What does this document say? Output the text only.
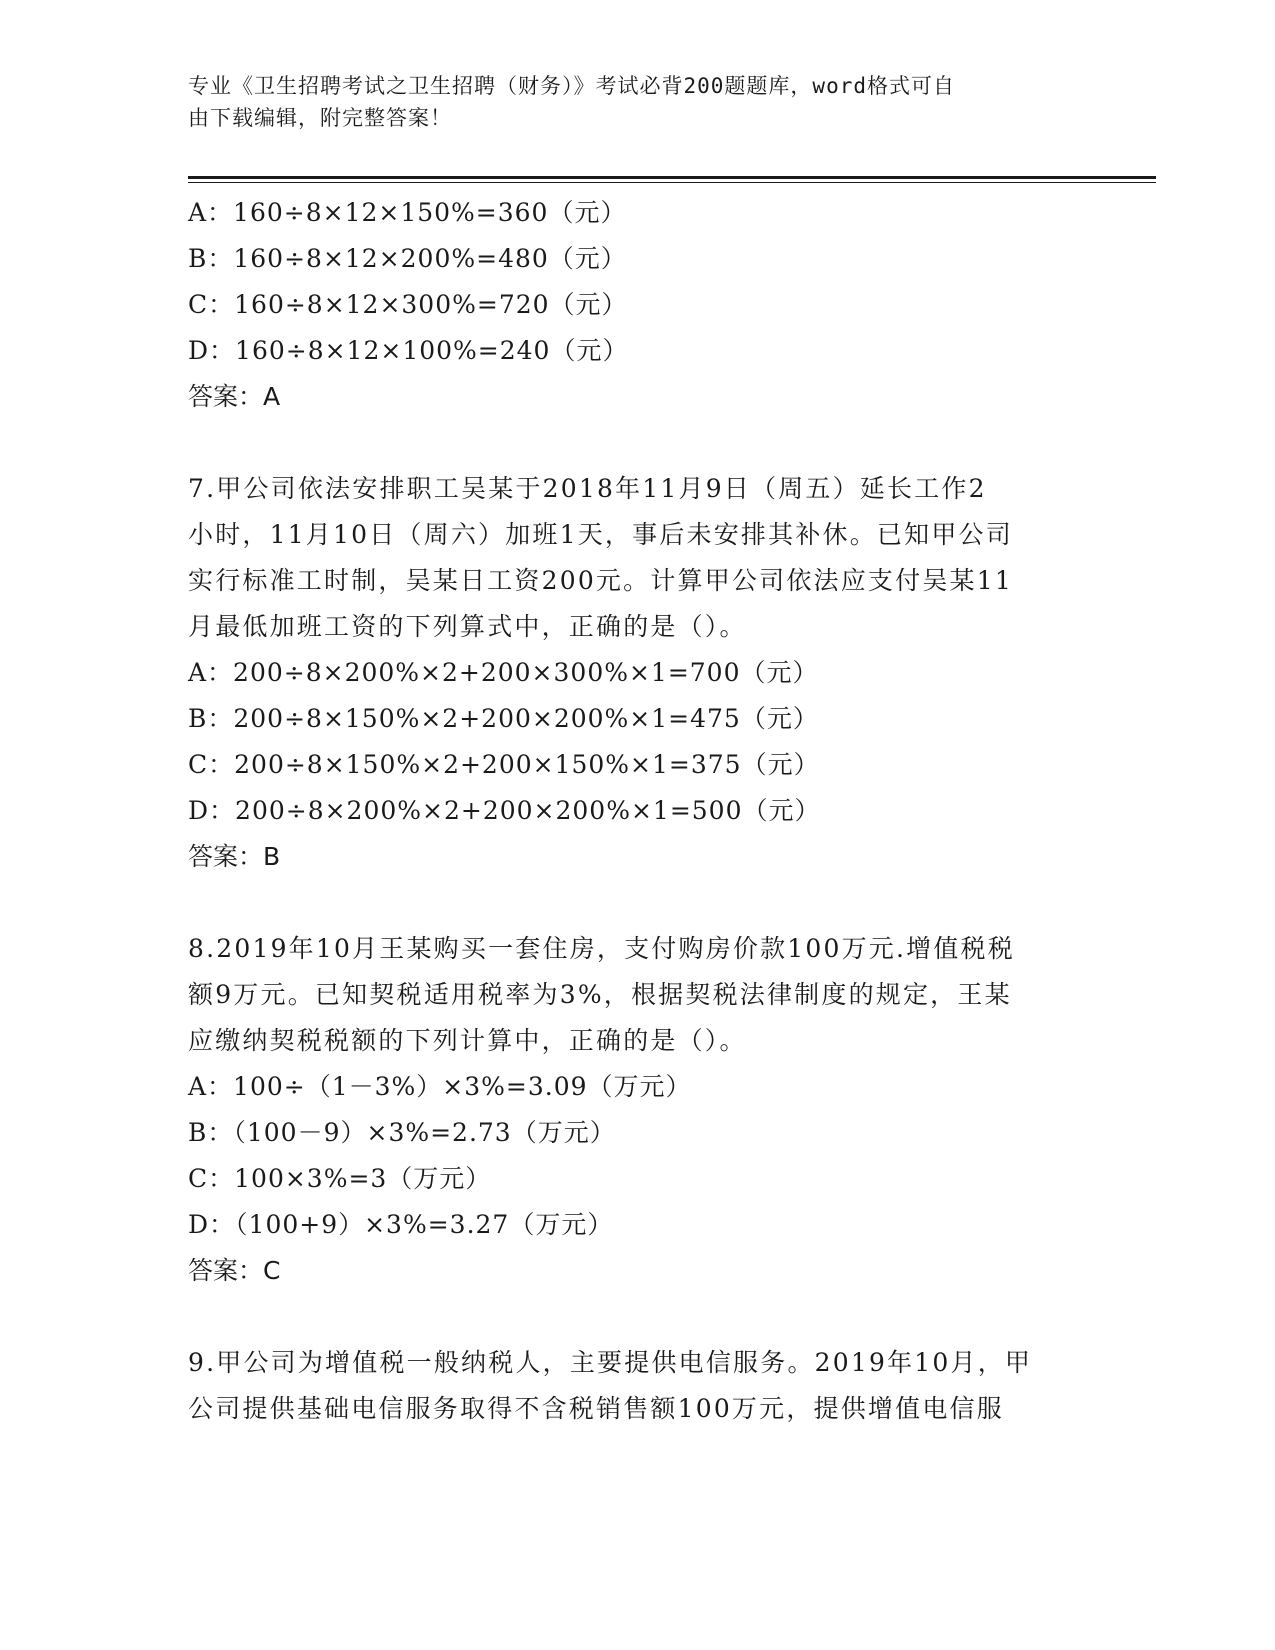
专业《卫生招聘考试之卫生招聘（财务）》考试必背200题题库，word格式可自
由下载编辑，附完整答案！
A：160÷8×12×150%=360（元）
B：160÷8×12×200%=480（元）
C：160÷8×12×300%=720（元）
D：160÷8×12×100%=240（元）
答案：A
7.甲公司依法安排职工吴某于2018年11月9日（周五）延长工作2
小时，11月10日（周六）加班1天，事后未安排其补休。已知甲公司
实行标准工时制，吴某日工资200元。计算甲公司依法应支付吴某11
月最低加班工资的下列算式中，正确的是（）。
A：200÷8×200%×2+200×300%×1=700（元）
B：200÷8×150%×2+200×200%×1=475（元）
C：200÷8×150%×2+200×150%×1=375（元）
D：200÷8×200%×2+200×200%×1=500（元）
答案：B
8.2019年10月王某购买一套住房，支付购房价款100万元.增值税税
额9万元。已知契税适用税率为3%，根据契税法律制度的规定，王某
应缴纳契税税额的下列计算中，正确的是（）。
A：100÷（1－3%）×3%=3.09（万元）
B：（100－9）×3%=2.73（万元）
C：100×3%=3（万元）
D：（100+9）×3%=3.27（万元）
答案：C
9.甲公司为增值税一般纳税人，主要提供电信服务。2019年10月，甲
公司提供基础电信服务取得不含税销售额100万元，提供增值电信服
